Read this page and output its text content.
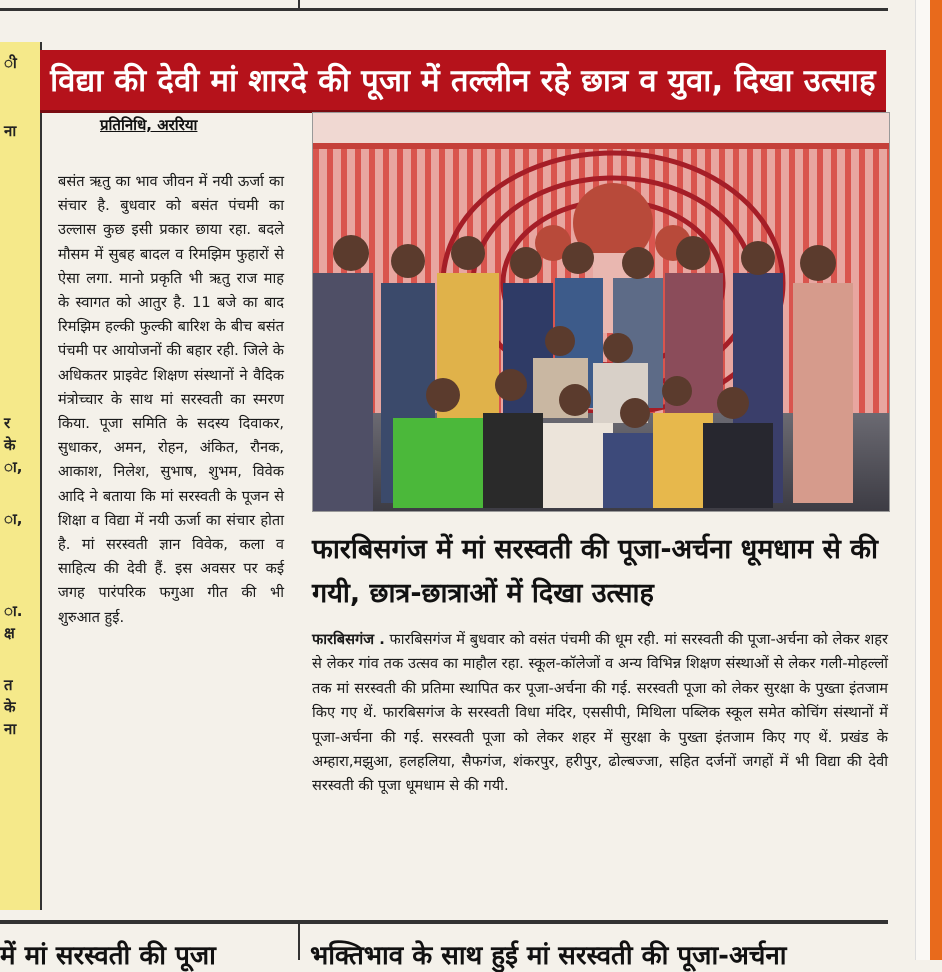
ी
ना
र
के
ा,
ा,
ा.
क्ष
त
के
ना
विद्या की देवी मां शारदे की पूजा में तल्लीन रहे छात्र व युवा, दिखा उत्साह
प्रतिनिधि, अररिया
बसंत ऋतु का भाव जीवन में नयी ऊर्जा का संचार है. बुधवार को बसंत पंचमी का उल्लास कुछ इसी प्रकार छाया रहा. बदले मौसम में सुबह बादल व रिमझिम फुहारों से ऐसा लगा. मानो प्रकृति भी ऋतु राज माह के स्वागत को आतुर है. 11 बजे का बाद रिमझिम हल्की फुल्की बारिश के बीच बसंत पंचमी पर आयोजनों की बहार रही. जिले के अधिकतर प्राइवेट शिक्षण संस्थानों ने वैदिक मंत्रोच्चार के साथ मां सरस्वती का स्मरण किया. पूजा समिति के सदस्य दिवाकर, सुधाकर, अमन, रोहन, अंकित, रौनक, आकाश, निलेश, सुभाष, शुभम, विवेक आदि ने बताया कि मां सरस्वती के पूजन से शिक्षा व विद्या में नयी ऊर्जा का संचार होता है. मां सरस्वती ज्ञान विवेक, कला व साहित्य की देवी हैं. इस अवसर पर कई जगह पारंपरिक फगुआ गीत की भी शुरुआत हुई.
फारबिसगंज में मां सरस्वती की पूजा-अर्चना धूमधाम से की गयी, छात्र-छात्राओं में दिखा उत्साह
फारबिसगंज . फारबिसगंज में बुधवार को वसंत पंचमी की धूम रही. मां सरस्वती की पूजा-अर्चना को लेकर शहर से लेकर गांव तक उत्सव का माहौल रहा. स्कूल-कॉलेजों व अन्य विभिन्न शिक्षण संस्थाओं से लेकर गली-मोहल्लों तक मां सरस्वती की प्रतिमा स्थापित कर पूजा-अर्चना की गई. सरस्वती पूजा को लेकर सुरक्षा के पुख्ता इंतजाम किए गए थें. फारबिसगंज के सरस्वती विधा मंदिर, एससीपी, मिथिला पब्लिक स्कूल समेत कोचिंग संस्थानों में पूजा-अर्चना की गई. सरस्वती पूजा को लेकर शहर में सुरक्षा के पुख्ता इंतजाम किए गए थें. प्रखंड के अम्हारा,मझुआ, हलहलिया, सैफगंज, शंकरपुर, हरीपुर, ढोल्बज्जा, सहित दर्जनों जगहों में भी विद्या की देवी सरस्वती की पूजा धूमधाम से की गयी.
में मां सरस्वती की पूजा	भक्तिभाव के साथ हुई मां सरस्वती की पूजा-अर्चना
